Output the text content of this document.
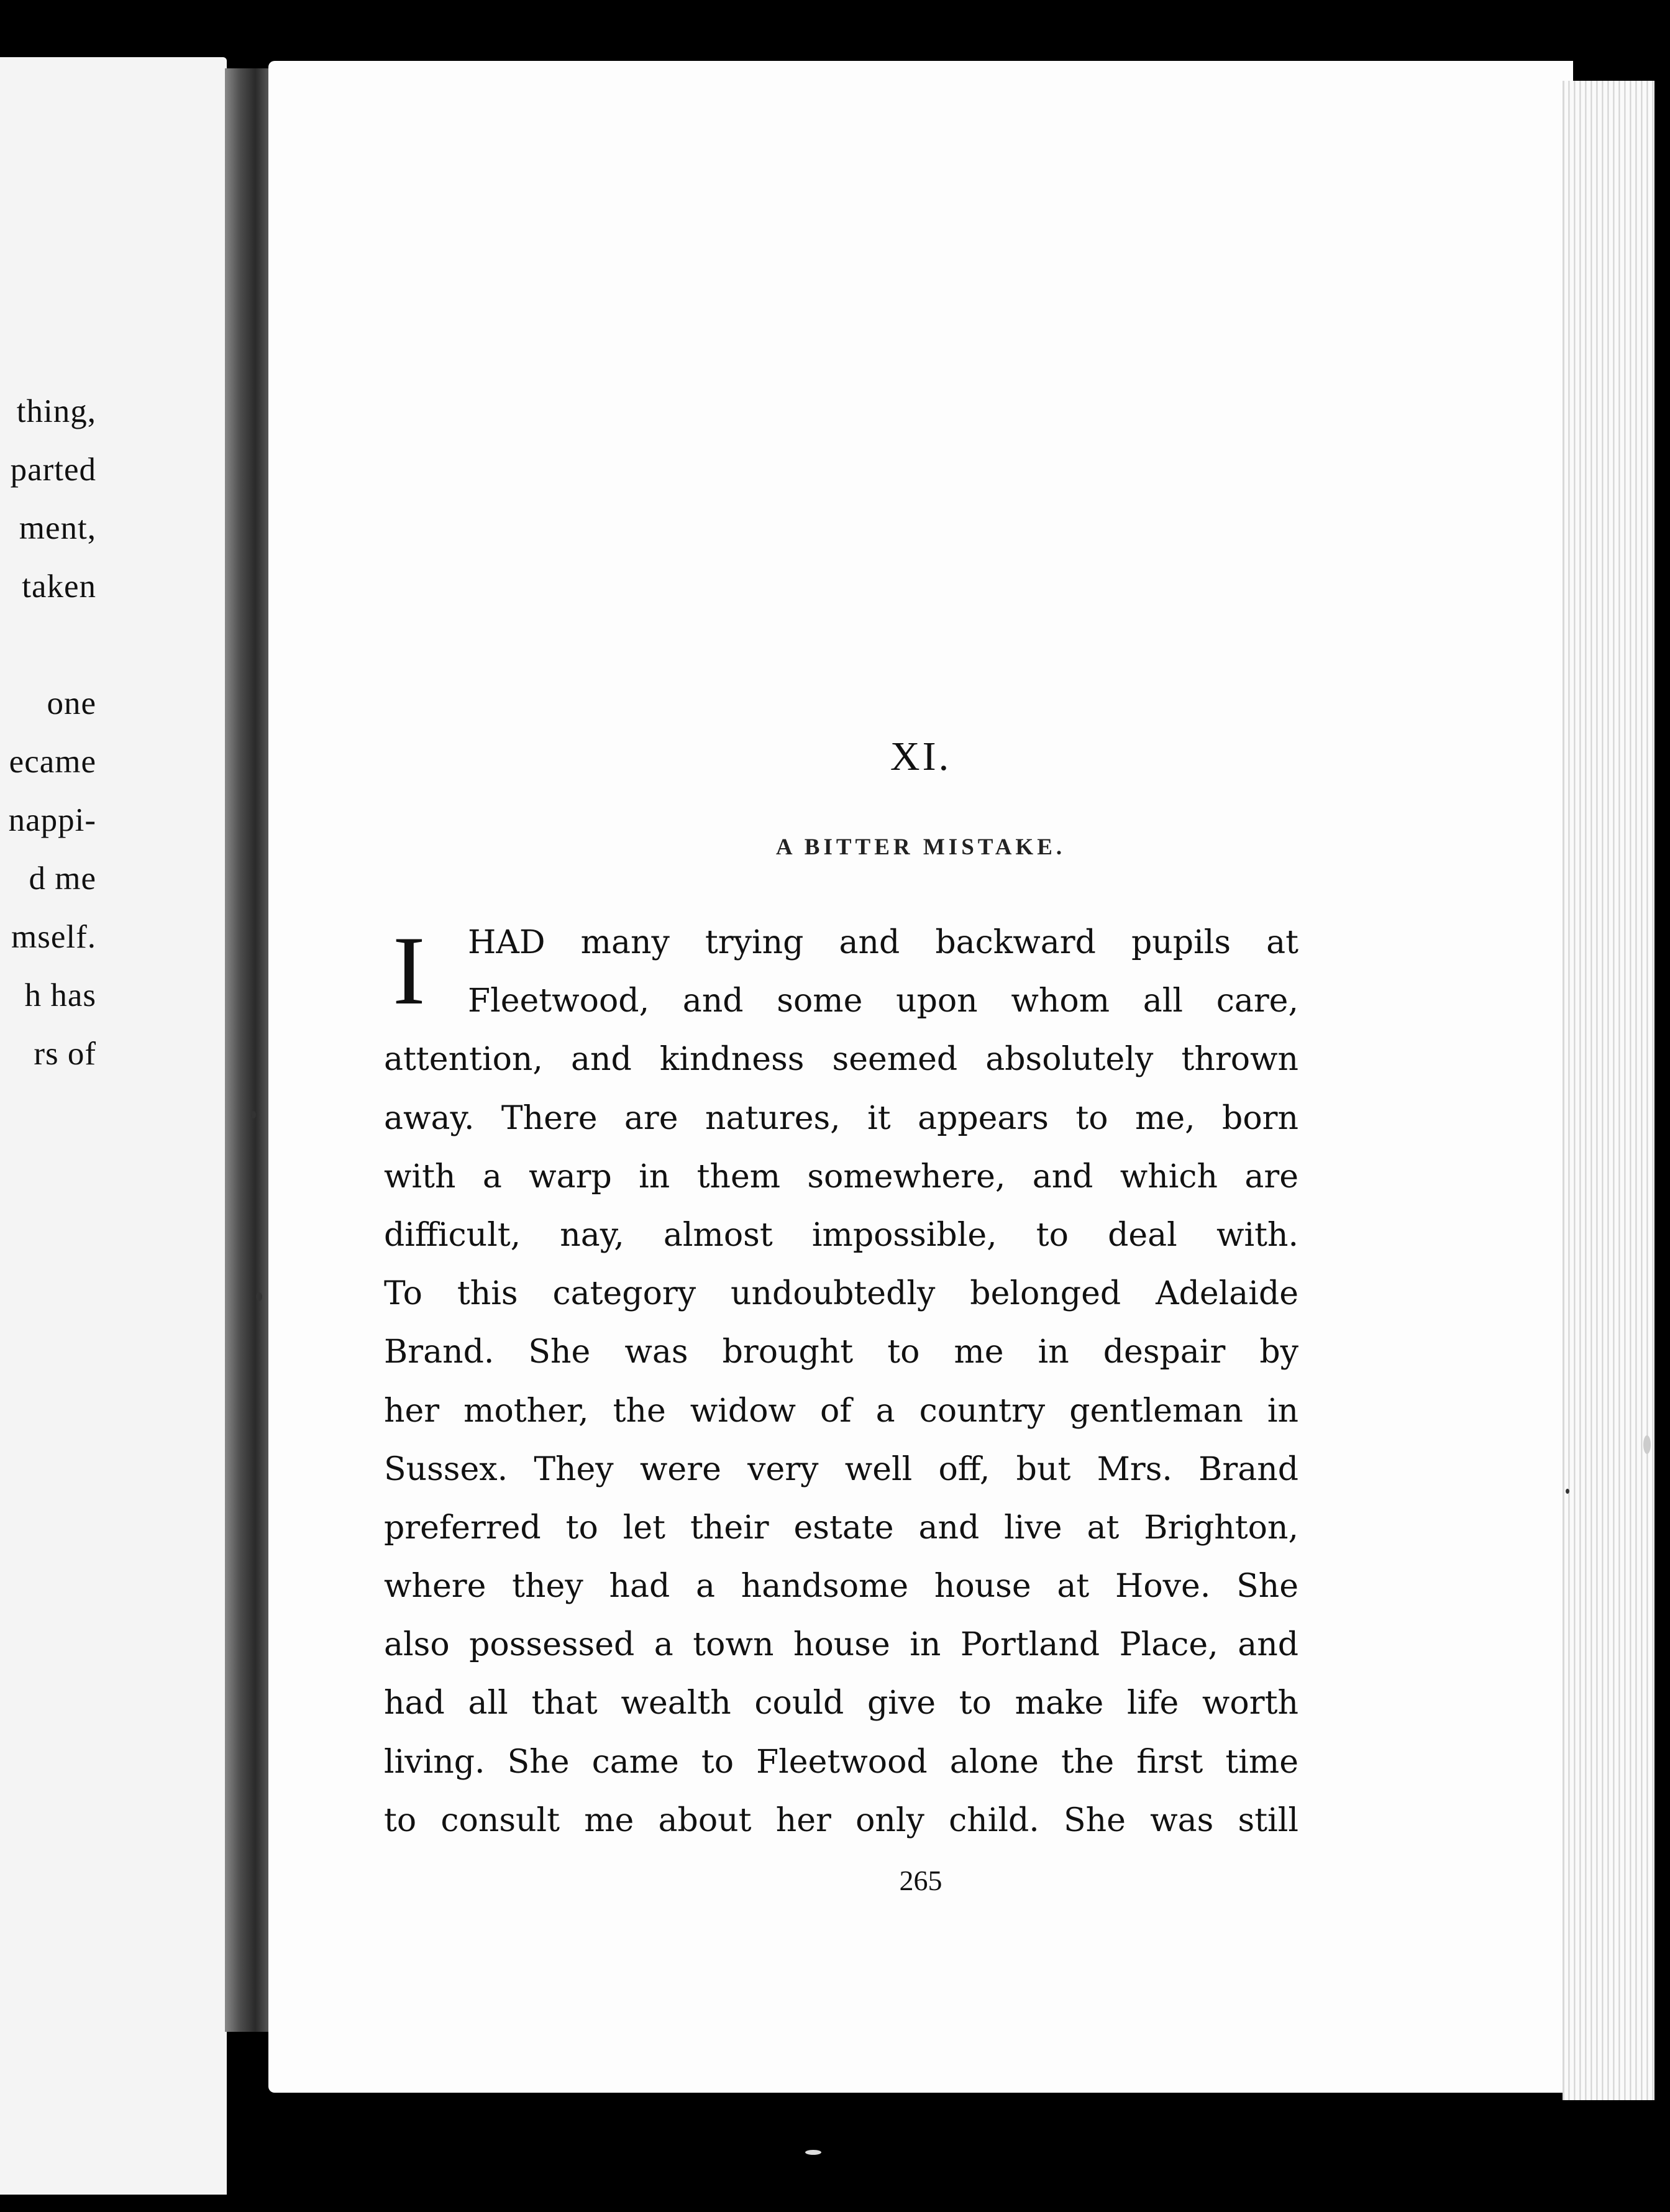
thing,
parted
ment,
taken
one
ecame
nappi-
d me
mself.
h has
rs of
XI.
A BITTER MISTAKE.
I	HAD many trying and backward pupils at
Fleetwood, and some upon whom all care,
attention, and kindness seemed absolutely thrown
away. There are natures, it appears to me, born
with a warp in them somewhere, and which are
difficult, nay, almost impossible, to deal with.
To this category undoubtedly belonged Adelaide
Brand. She was brought to me in despair by
her mother, the widow of a country gentleman in
Sussex. They were very well off, but Mrs. Brand
preferred to let their estate and live at Brighton,
where they had a handsome house at Hove. She
also possessed a town house in Portland Place, and
had all that wealth could give to make life worth
living. She came to Fleetwood alone the first time
to consult me about her only child. She was still
265
